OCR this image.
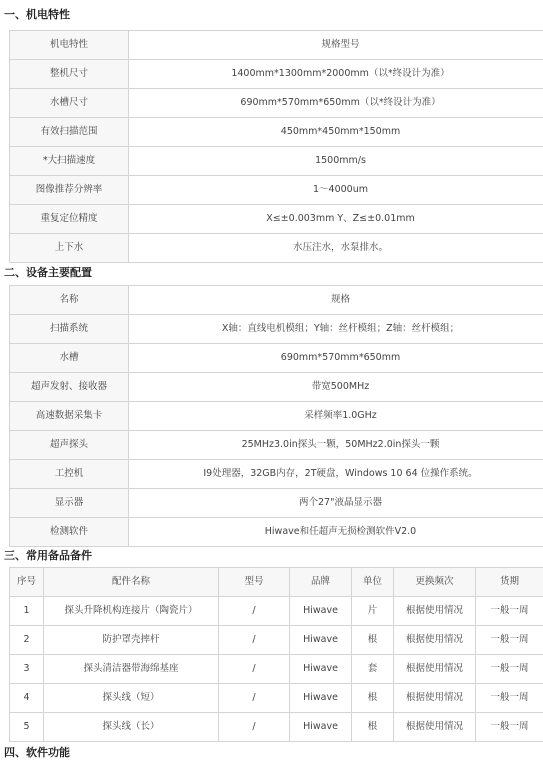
一、机电特性
机电特性	规格型号
整机尺寸	1400mm*1300mm*2000mm（以*终设计为准）
水槽尺寸	690mm*570mm*650mm（以*终设计为准）
有效扫描范围	450mm*450mm*150mm
*大扫描速度	1500mm/s
图像推荐分辨率	1～4000um
重复定位精度	X≤±0.003mm Y、Z≤±0.01mm
上下水	水压注水，水泵排水。
二、设备主要配置
名称	规格
扫描系统	X轴：直线电机模组；Y轴：丝杆模组；Z轴：丝杆模组；
水槽	690mm*570mm*650mm
超声发射、接收器	带宽500MHz
高速数据采集卡	采样频率1.0GHz
超声探头	25MHz3.0in探头一颗，50MHz2.0in探头一颗
工控机	I9处理器，32GB内存，2T硬盘，Windows 10 64 位操作系统。
显示器	两个27"液晶显示器
检测软件	Hiwave和任超声无损检测软件V2.0
三、常用备品备件
序号	配件名称	型号	品牌	单位	更换频次	货期
1	探头升降机构连接片（陶瓷片）	/	Hiwave	片	根据使用情况	一般一周
2	防护罩壳摔杆	/	Hiwave	根	根据使用情况	一般一周
3	探头清洁器带海绵基座	/	Hiwave	套	根据使用情况	一般一周
4	探头线（短）	/	Hiwave	根	根据使用情况	一般一周
5	探头线（长）	/	Hiwave	根	根据使用情况	一般一周
四、软件功能
